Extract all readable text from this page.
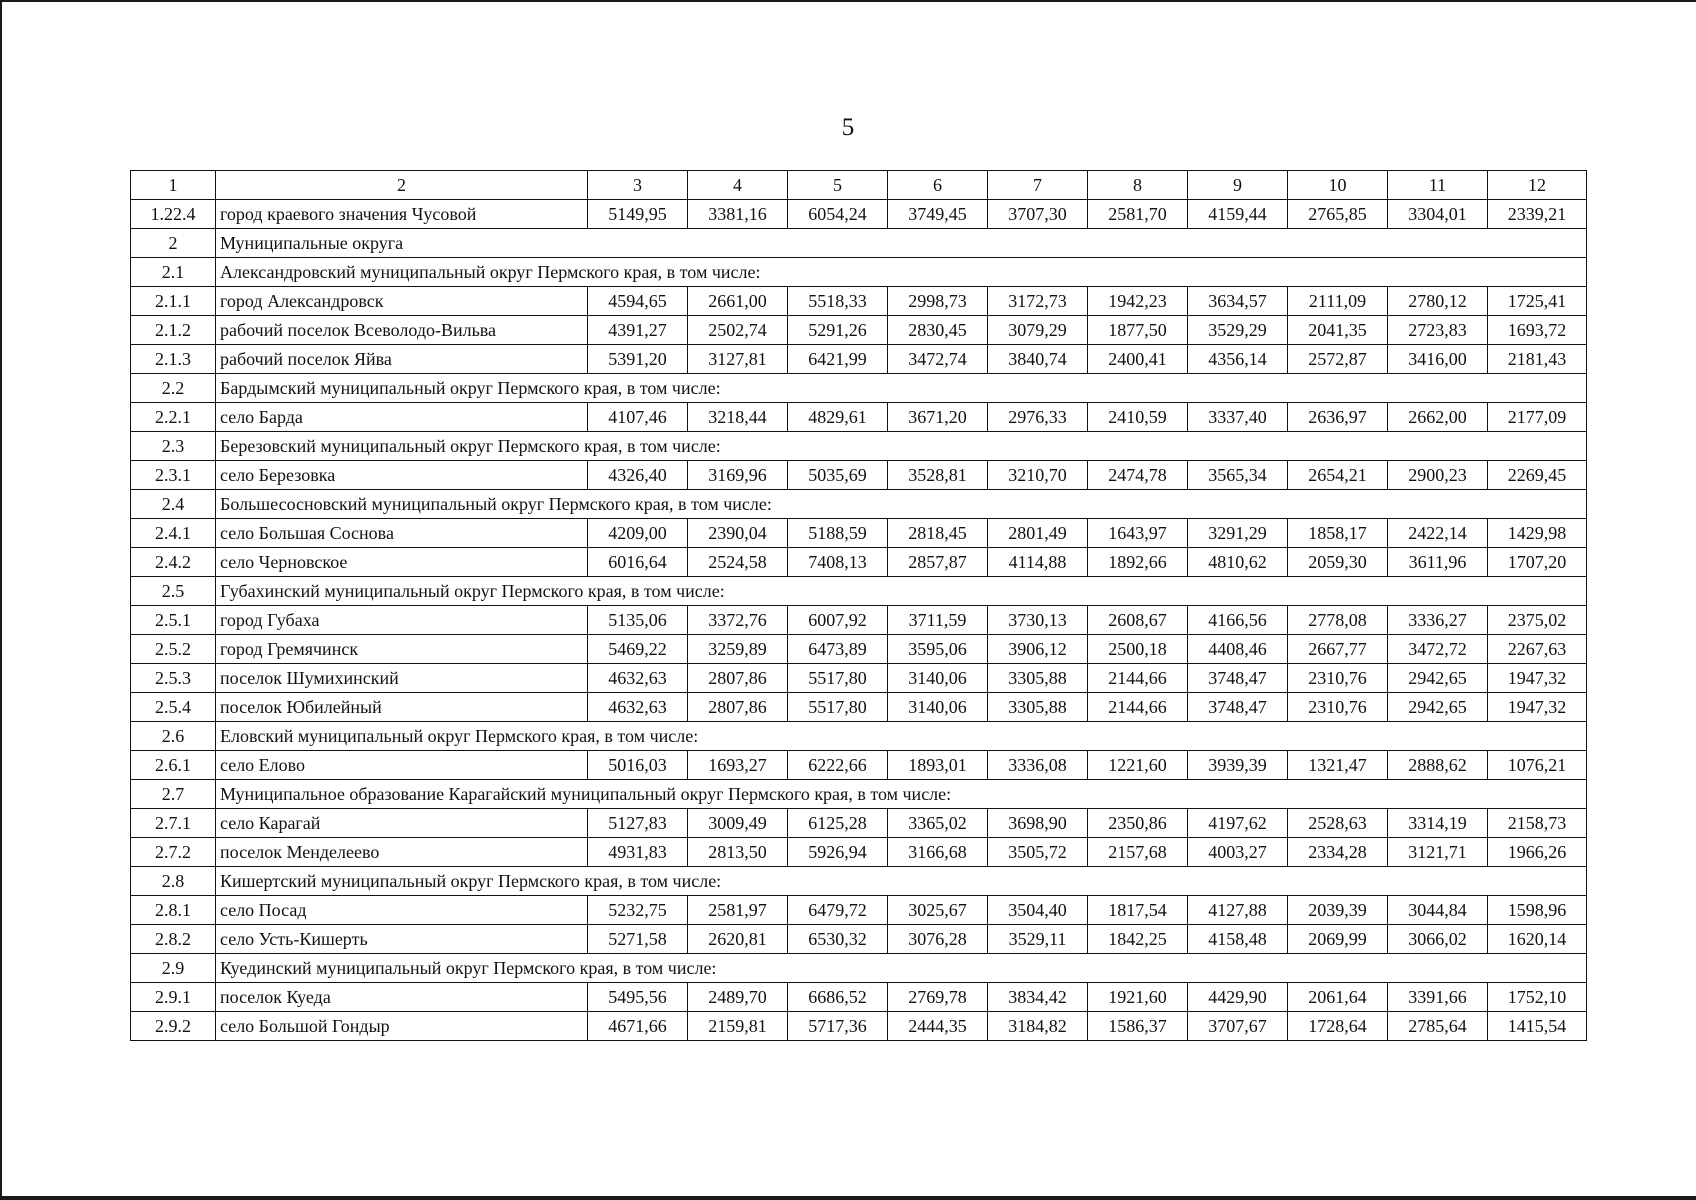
5
1	2	3	4	5	6	7	8	9	10	11	12
1.22.4	город краевого значения Чусовой	5149,95	3381,16	6054,24	3749,45	3707,30	2581,70	4159,44	2765,85	3304,01	2339,21
2	Муниципальные округа										
2.1	Александровский муниципальный округ Пермского края, в том числе:										
2.1.1	город Александровск	4594,65	2661,00	5518,33	2998,73	3172,73	1942,23	3634,57	2111,09	2780,12	1725,41
2.1.2	рабочий поселок Всеволодо-Вильва	4391,27	2502,74	5291,26	2830,45	3079,29	1877,50	3529,29	2041,35	2723,83	1693,72
2.1.3	рабочий поселок Яйва	5391,20	3127,81	6421,99	3472,74	3840,74	2400,41	4356,14	2572,87	3416,00	2181,43
2.2	Бардымский муниципальный округ Пермского края, в том числе:										
2.2.1	село Барда	4107,46	3218,44	4829,61	3671,20	2976,33	2410,59	3337,40	2636,97	2662,00	2177,09
2.3	Березовский муниципальный округ Пермского края, в том числе:										
2.3.1	село Березовка	4326,40	3169,96	5035,69	3528,81	3210,70	2474,78	3565,34	2654,21	2900,23	2269,45
2.4	Большесосновский муниципальный округ Пермского края, в том числе:										
2.4.1	село Большая Соснова	4209,00	2390,04	5188,59	2818,45	2801,49	1643,97	3291,29	1858,17	2422,14	1429,98
2.4.2	село Черновское	6016,64	2524,58	7408,13	2857,87	4114,88	1892,66	4810,62	2059,30	3611,96	1707,20
2.5	Губахинский муниципальный округ Пермского края, в том числе:										
2.5.1	город Губаха	5135,06	3372,76	6007,92	3711,59	3730,13	2608,67	4166,56	2778,08	3336,27	2375,02
2.5.2	город Гремячинск	5469,22	3259,89	6473,89	3595,06	3906,12	2500,18	4408,46	2667,77	3472,72	2267,63
2.5.3	поселок Шумихинский	4632,63	2807,86	5517,80	3140,06	3305,88	2144,66	3748,47	2310,76	2942,65	1947,32
2.5.4	поселок Юбилейный	4632,63	2807,86	5517,80	3140,06	3305,88	2144,66	3748,47	2310,76	2942,65	1947,32
2.6	Еловский муниципальный округ Пермского края, в том числе:										
2.6.1	село Елово	5016,03	1693,27	6222,66	1893,01	3336,08	1221,60	3939,39	1321,47	2888,62	1076,21
2.7	Муниципальное образование Карагайский муниципальный округ Пермского края, в том числе:										
2.7.1	село Карагай	5127,83	3009,49	6125,28	3365,02	3698,90	2350,86	4197,62	2528,63	3314,19	2158,73
2.7.2	поселок Менделеево	4931,83	2813,50	5926,94	3166,68	3505,72	2157,68	4003,27	2334,28	3121,71	1966,26
2.8	Кишертский муниципальный округ Пермского края, в том числе:										
2.8.1	село Посад	5232,75	2581,97	6479,72	3025,67	3504,40	1817,54	4127,88	2039,39	3044,84	1598,96
2.8.2	село Усть-Кишерть	5271,58	2620,81	6530,32	3076,28	3529,11	1842,25	4158,48	2069,99	3066,02	1620,14
2.9	Куединский муниципальный округ Пермского края, в том числе:										
2.9.1	поселок Куеда	5495,56	2489,70	6686,52	2769,78	3834,42	1921,60	4429,90	2061,64	3391,66	1752,10
2.9.2	село Большой Гондыр	4671,66	2159,81	5717,36	2444,35	3184,82	1586,37	3707,67	1728,64	2785,64	1415,54
